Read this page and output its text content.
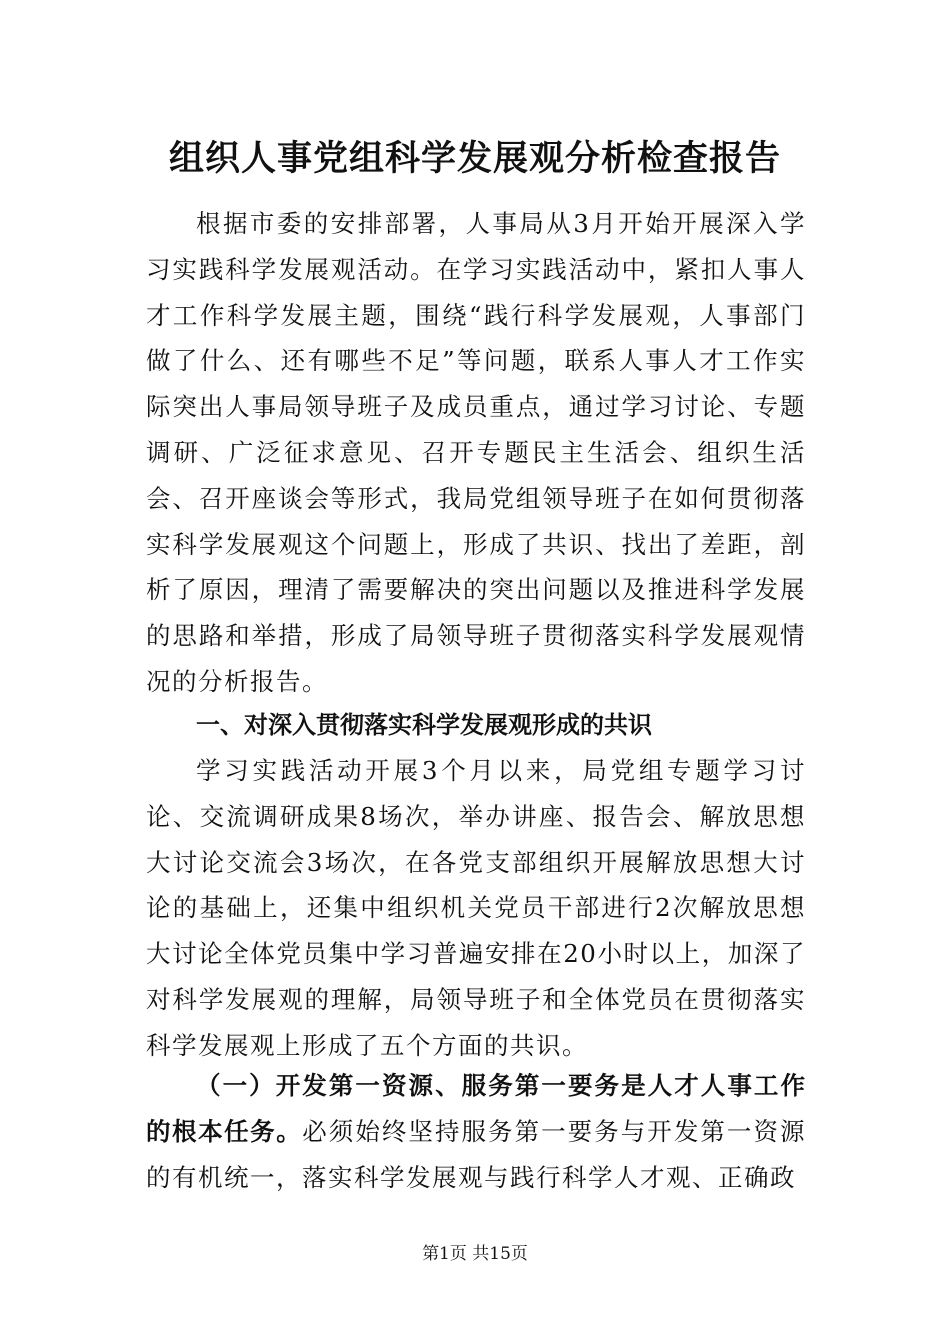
组织人事党组科学发展观分析检查报告
根据市委的安排部署，人事局从3月开始开展深入学习实践科学发展观活动。在学习实践活动中，紧扣人事人才工作科学发展主题，围绕“践行科学发展观，人事部门做了什么、还有哪些不足”等问题，联系人事人才工作实际突出人事局领导班子及成员重点，通过学习讨论、专题调研、广泛征求意见、召开专题民主生活会、组织生活会、召开座谈会等形式，我局党组领导班子在如何贯彻落实科学发展观这个问题上，形成了共识、找出了差距，剖析了原因，理清了需要解决的突出问题以及推进科学发展的思路和举措，形成了局领导班子贯彻落实科学发展观情况的分析报告。
一、对深入贯彻落实科学发展观形成的共识
学习实践活动开展3个月以来，局党组专题学习讨论、交流调研成果8场次，举办讲座、报告会、解放思想大讨论交流会3场次，在各党支部组织开展解放思想大讨论的基础上，还集中组织机关党员干部进行2次解放思想大讨论全体党员集中学习普遍安排在20小时以上，加深了对科学发展观的理解，局领导班子和全体党员在贯彻落实科学发展观上形成了五个方面的共识。
（一）开发第一资源、服务第一要务是人才人事工作的根本任务。必须始终坚持服务第一要务与开发第一资源的有机统一，落实科学发展观与践行科学人才观、正确政
第1页 共15页
